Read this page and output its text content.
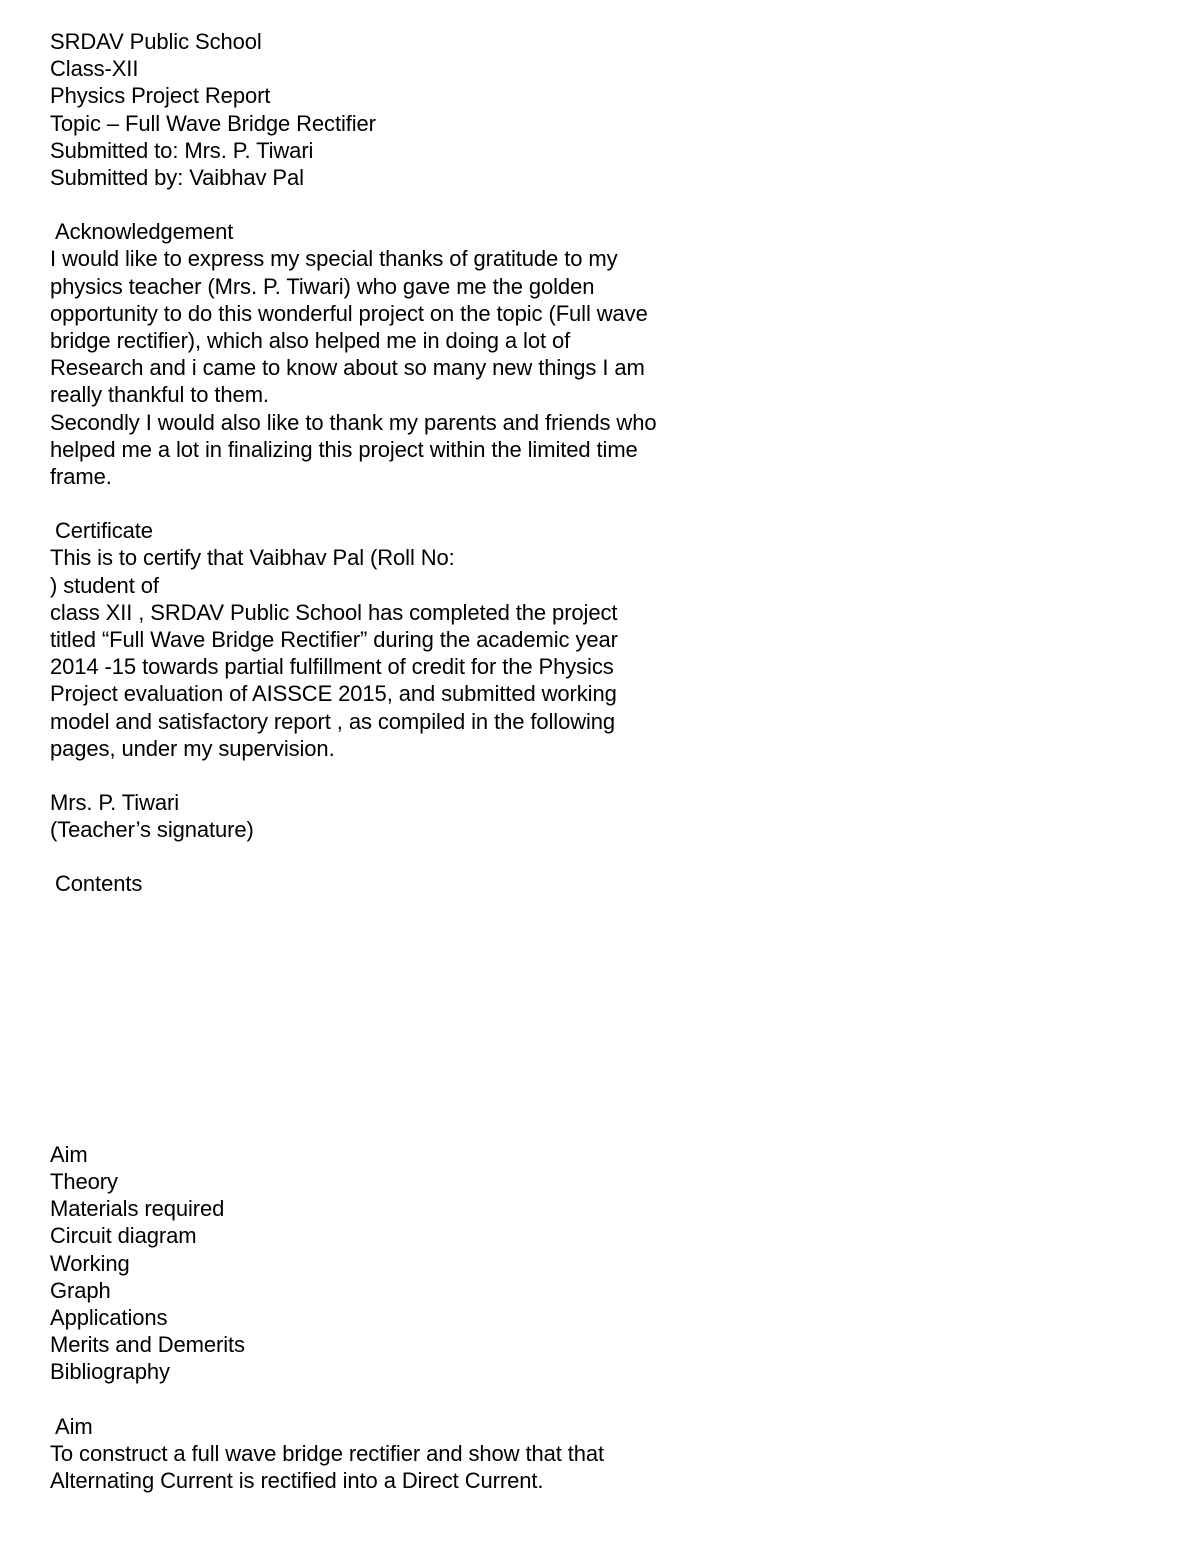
SRDAV Public School
Class-XII
Physics Project Report
Topic – Full Wave Bridge Rectifier
Submitted to: Mrs. P. Tiwari
Submitted by: Vaibhav Pal
Acknowledgement
I would like to express my special thanks of gratitude to my
physics teacher (Mrs. P. Tiwari) who gave me the golden
opportunity to do this wonderful project on the topic (Full wave
bridge rectifier), which also helped me in doing a lot of
Research and i came to know about so many new things I am
really thankful to them.
Secondly I would also like to thank my parents and friends who
helped me a lot in finalizing this project within the limited time
frame.
Certificate
This is to certify that Vaibhav Pal (Roll No:
) student of
class XII , SRDAV Public School has completed the project
titled “Full Wave Bridge Rectifier” during the academic year
2014 -15 towards partial fulfillment of credit for the Physics
Project evaluation of AISSCE 2015, and submitted working
model and satisfactory report , as compiled in the following
pages, under my supervision.
Mrs. P. Tiwari
(Teacher’s signature)
Contents
Aim
Theory
Materials required
Circuit diagram
Working
Graph
Applications
Merits and Demerits
Bibliography
Aim
To construct a full wave bridge rectifier and show that that
Alternating Current is rectified into a Direct Current.
